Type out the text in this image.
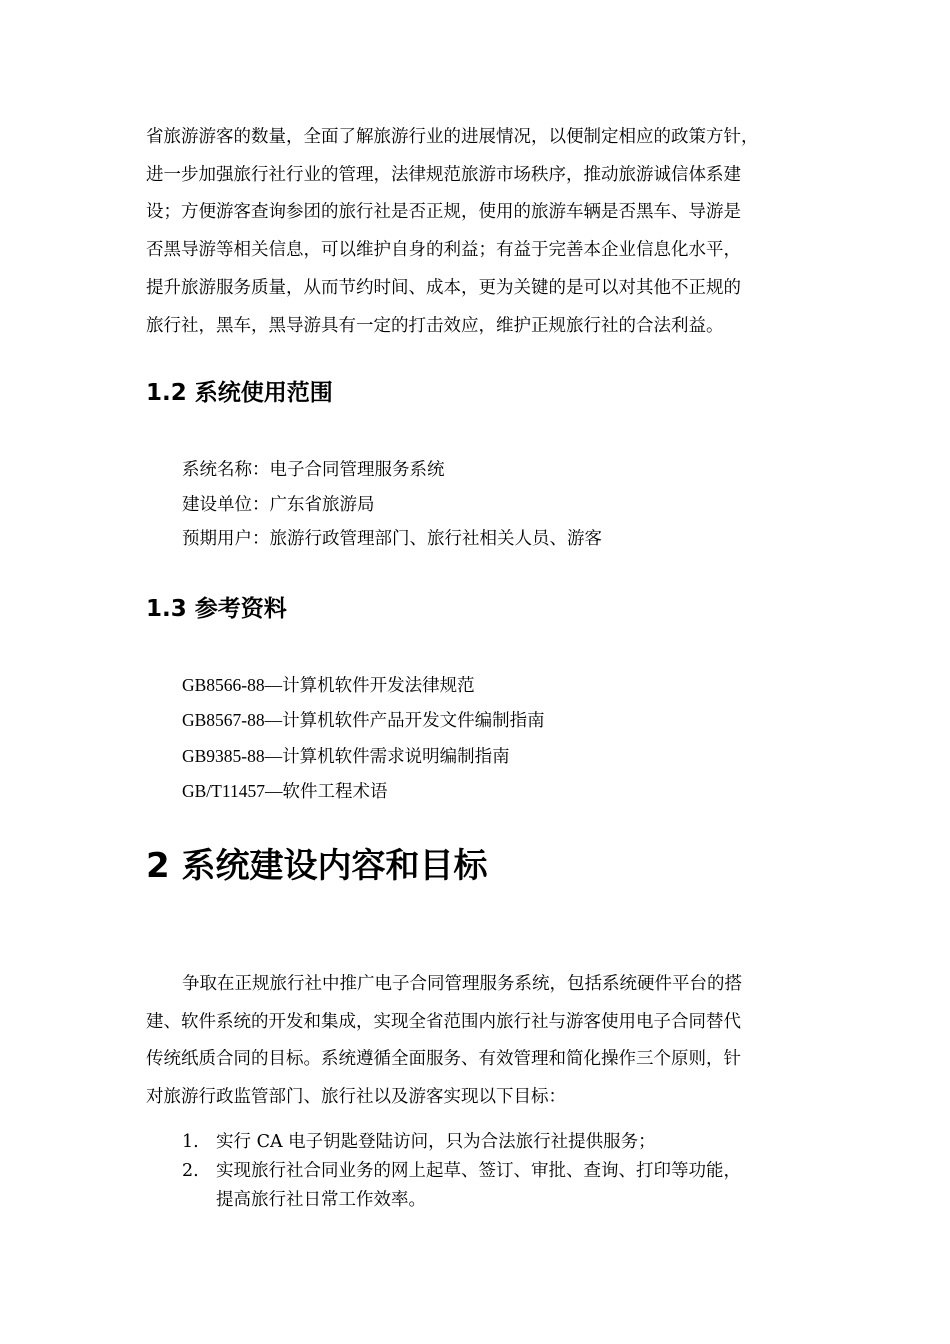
省旅游游客的数量，全面了解旅游行业的进展情况，以便制定相应的政策方针，

进一步加强旅行社行业的管理，法律规范旅游市场秩序，推动旅游诚信体系建

设；方便游客查询参团的旅行社是否正规，使用的旅游车辆是否黑车、导游是

否黑导游等相关信息，可以维护自身的利益；有益于完善本企业信息化水平，

提升旅游服务质量，从而节约时间、成本，更为关键的是可以对其他不正规的

旅行社，黑车，黑导游具有一定的打击效应，维护正规旅行社的合法利益。

1.2 系统使用范围
系统名称：电子合同管理服务系统
建设单位：广东省旅游局
预期用户：旅游行政管理部门、旅行社相关人员、游客
1.3 参考资料
GB8566-88—计算机软件开发法律规范
GB8567-88—计算机软件产品开发文件编制指南
GB9385-88—计算机软件需求说明编制指南
GB/T11457—软件工程术语
2 系统建设内容和目标

争取在正规旅行社中推广电子合同管理服务系统，包括系统硬件平台的搭

建、软件系统的开发和集成，实现全省范围内旅行社与游客使用电子合同替代

传统纸质合同的目标。系统遵循全面服务、有效管理和简化操作三个原则，针

对旅游行政监管部门、旅行社以及游客实现以下目标：

1. 实行 CA 电子钥匙登陆访问，只为合法旅行社提供服务；
2. 实现旅行社合同业务的网上起草、签订、审批、查询、打印等功能，
提高旅行社日常工作效率。
